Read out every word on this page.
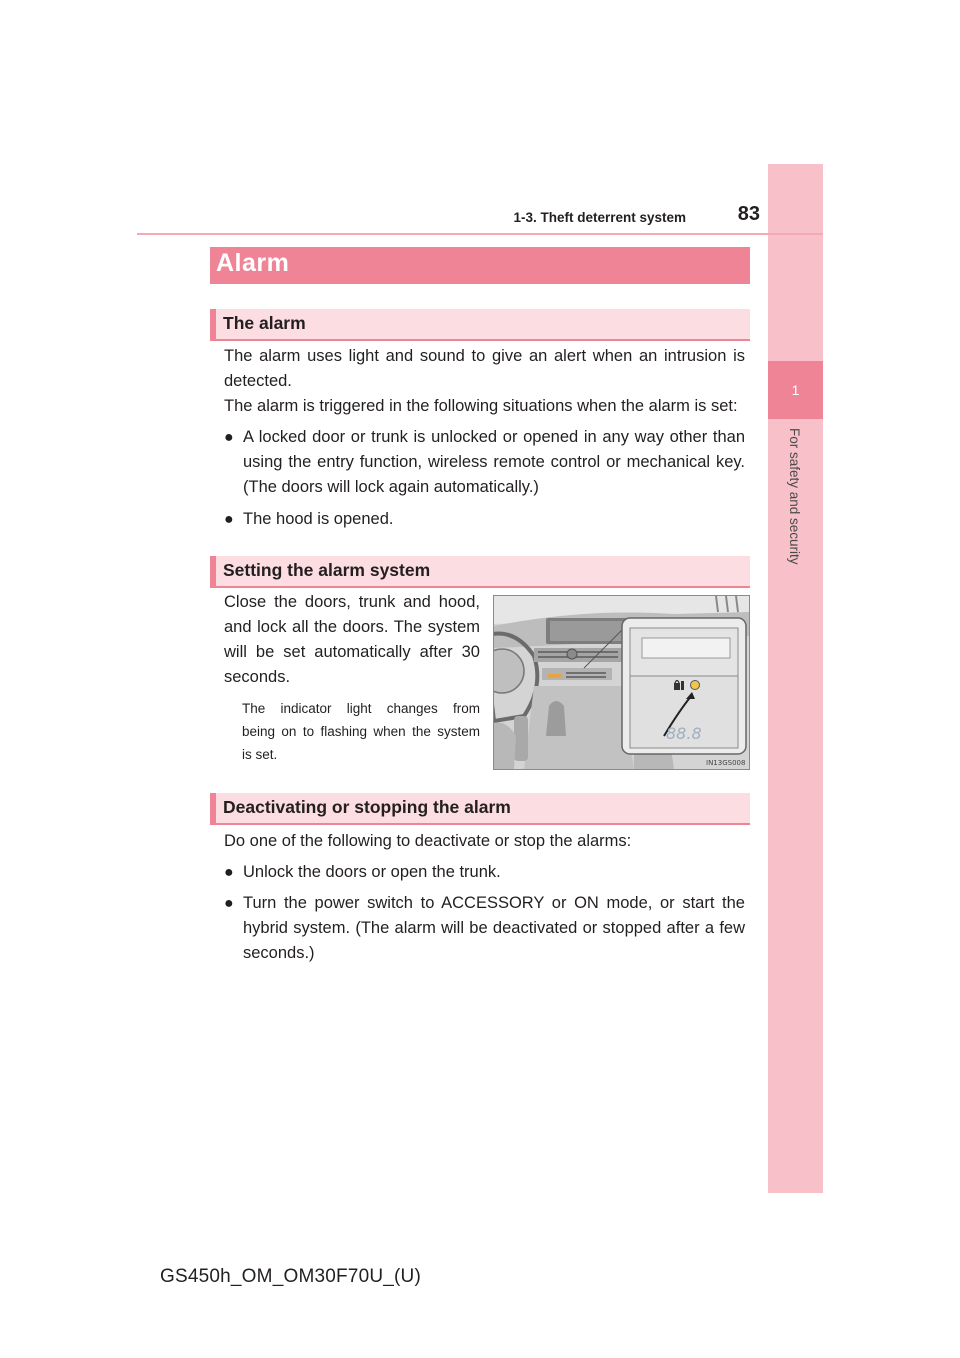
1
For safety and security
1-3. Theft deterrent system	83
Alarm
The alarm
The alarm uses light and sound to give an alert when an intrusion is
detected.
The alarm is triggered in the following situations when the alarm is set:
● A locked door or trunk is unlocked or opened in any way other than
using the entry function, wireless remote control or mechanical key.
(The doors will lock again automatically.)
● The hood is opened.
Setting the alarm system
Close the doors, trunk and hood,
and lock all the doors. The system
will be set automatically after 30
seconds.
The indicator light changes from
being on to flashing when the system
is set.
88.8
IN13GS008
Deactivating or stopping the alarm
Do one of the following to deactivate or stop the alarms:
● Unlock the doors or open the trunk.
● Turn the power switch to ACCESSORY or ON mode, or start the
hybrid system. (The alarm will be deactivated or stopped after a few
seconds.)
GS450h_OM_OM30F70U_(U)
